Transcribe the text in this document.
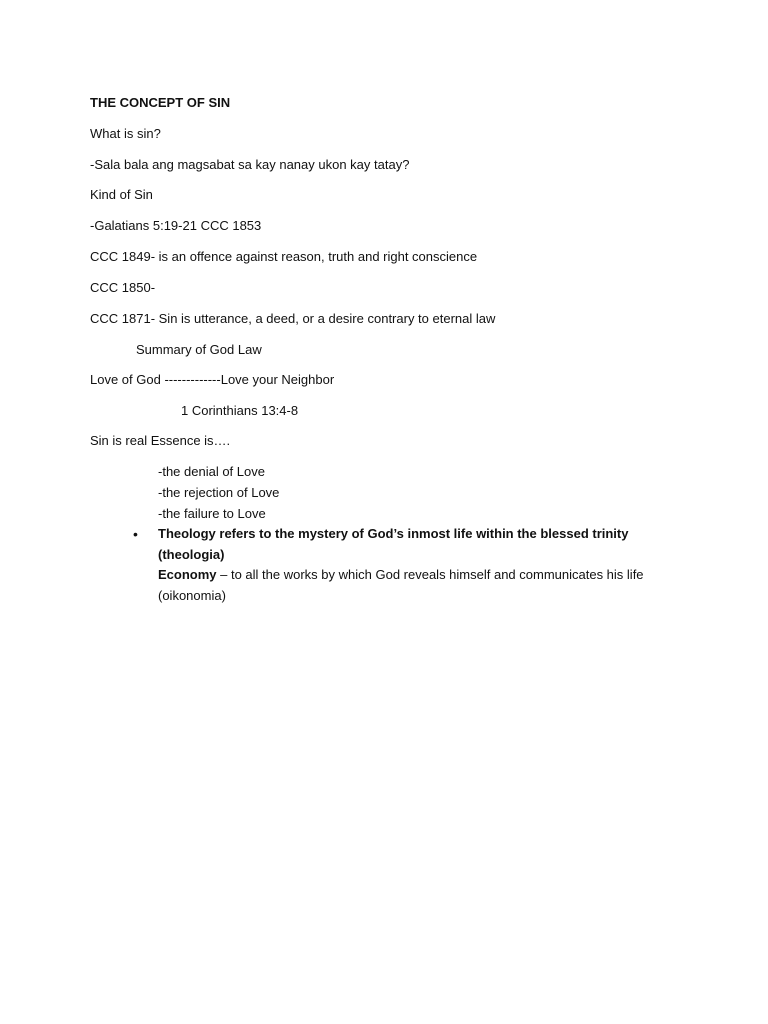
THE CONCEPT OF SIN
What is sin?
-Sala bala ang magsabat sa kay nanay ukon kay tatay?
Kind of Sin
-Galatians 5:19-21 CCC 1853
CCC 1849- is an offence against reason, truth and right conscience
CCC 1850-
CCC 1871- Sin is utterance, a deed, or a desire contrary to eternal law
Summary of God Law
Love of God -------------Love your Neighbor
1 Corinthians 13:4-8
Sin is real Essence is….
-the denial of Love
-the rejection of Love
-the failure to Love
• Theology refers to the mystery of God’s inmost life within the blessed trinity (theologia)
Economy – to all the works by which God reveals himself and communicates his life (oikonomia)
